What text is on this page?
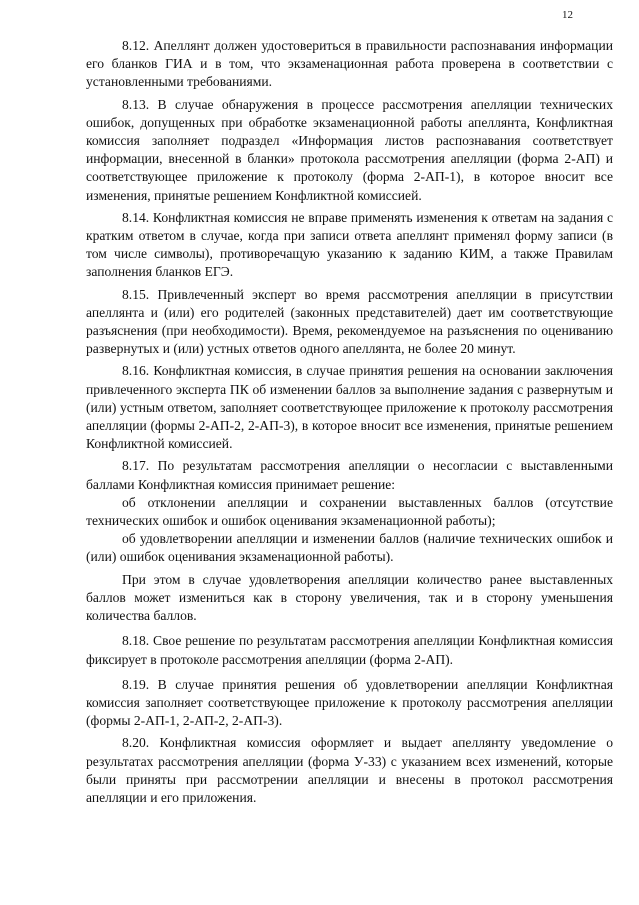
12

8.12. Апеллянт должен удостовериться в правильности распознавания информации его бланков ГИА и в том, что экзаменационная работа проверена в соответствии с установленными требованиями.

8.13. В случае обнаружения в процессе рассмотрения апелляции технических ошибок, допущенных при обработке экзаменационной работы апеллянта, Конфликтная комиссия заполняет подраздел «Информация листов распознавания соответствует информации, внесенной в бланки» протокола рассмотрения апелляции (форма 2-АП) и соответствующее приложение к протоколу (форма 2-АП-1), в которое вносит все изменения, принятые решением Конфликтной комиссией.

8.14. Конфликтная комиссия не вправе применять изменения к ответам на задания с кратким ответом в случае, когда при записи ответа апеллянт применял форму записи (в том числе символы), противоречащую указанию к заданию КИМ, а также Правилам заполнения бланков ЕГЭ.

8.15. Привлеченный эксперт во время рассмотрения апелляции в присутствии апеллянта и (или) его родителей (законных представителей) дает им соответствующие разъяснения (при необходимости). Время, рекомендуемое на разъяснения по оцениванию развернутых и (или) устных ответов одного апеллянта, не более 20 минут.

8.16. Конфликтная комиссия, в случае принятия решения на основании заключения привлеченного эксперта ПК об изменении баллов за выполнение задания с развернутым и (или) устным ответом, заполняет соответствующее приложение к протоколу рассмотрения апелляции (формы 2-АП-2, 2-АП-3), в которое вносит все изменения, принятые решением Конфликтной комиссией.

8.17. По результатам рассмотрения апелляции о несогласии с выставленными баллами Конфликтная комиссия принимает решение:

об отклонении апелляции и сохранении выставленных баллов (отсутствие технических ошибок и ошибок оценивания экзаменационной работы);

об удовлетворении апелляции и изменении баллов (наличие технических ошибок и (или) ошибок оценивания экзаменационной работы).

При этом в случае удовлетворения апелляции количество ранее выставленных баллов может измениться как в сторону увеличения, так и в сторону уменьшения количества баллов.

8.18. Свое решение по результатам рассмотрения апелляции Конфликтная комиссия фиксирует в протоколе рассмотрения апелляции (форма 2-АП).

8.19. В случае принятия решения об удовлетворении апелляции Конфликтная комиссия заполняет соответствующее приложение к протоколу рассмотрения апелляции (формы 2-АП-1, 2-АП-2, 2-АП-3).

8.20. Конфликтная комиссия оформляет и выдает апеллянту уведомление о результатах рассмотрения апелляции (форма У-33) с указанием всех изменений, которые были приняты при рассмотрении апелляции и внесены в протокол рассмотрения апелляции и его приложения.
